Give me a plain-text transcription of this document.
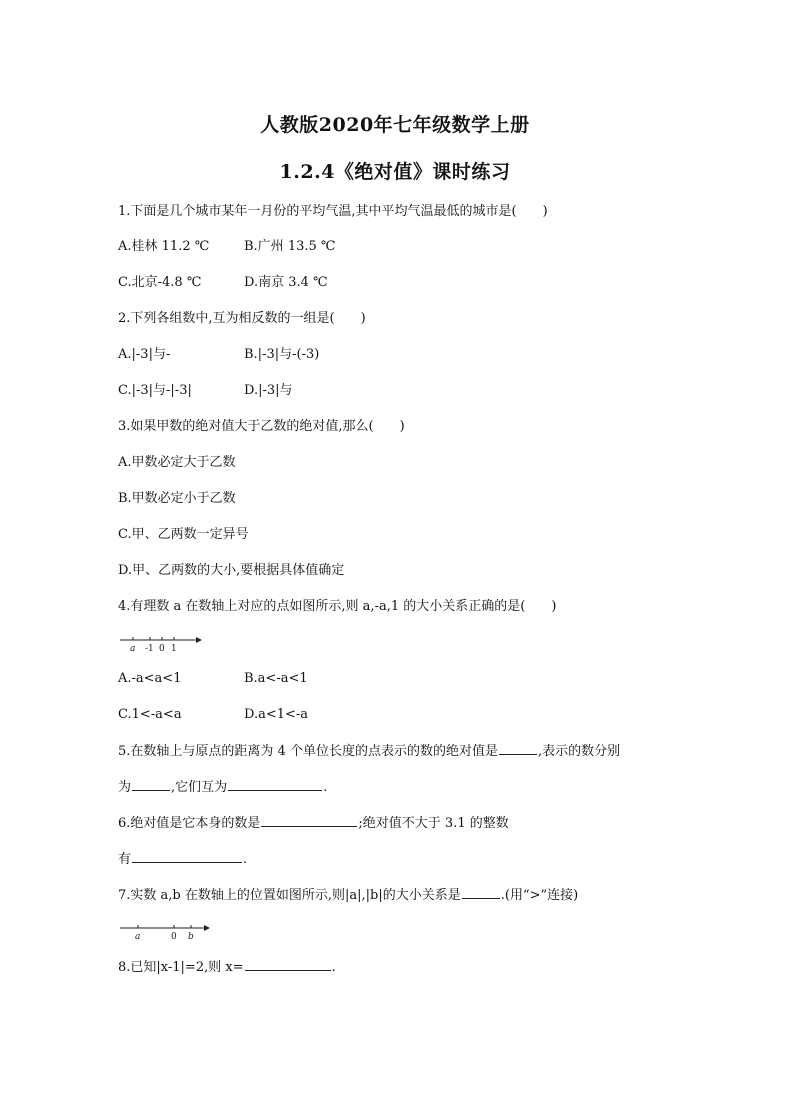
人教版2020年七年级数学上册
1.2.4《绝对值》课时练习
1.下面是几个城市某年一月份的平均气温,其中平均气温最低的城市是(　　)
A.桂林 11.2 ℃	B.广州 13.5 ℃
C.北京-4.8 ℃	D.南京 3.4 ℃
2.下列各组数中,互为相反数的一组是(　　)
A.|-3|与-	B.|-3|与-(-3)
C.|-3|与-|-3|	D.|-3|与
3.如果甲数的绝对值大于乙数的绝对值,那么(　　)
A.甲数必定大于乙数
B.甲数必定小于乙数
C.甲、乙两数一定异号
D.甲、乙两数的大小,要根据具体值确定
4.有理数 a 在数轴上对应的点如图所示,则 a,-a,1 的大小关系正确的是(　　)
a -1 0 1
A.-a<a<1	B.a<-a<1
C.1<-a<a	D.a<1<-a
5.在数轴上与原点的距离为 4 个单位长度的点表示的数的绝对值是	,表示的数分别
为	,它们互为	.
6.绝对值是它本身的数是	;绝对值不大于 3.1 的整数
有	.
7.实数 a,b 在数轴上的位置如图所示,则|a|,|b|的大小关系是	.(用“>”连接)
a	0 b
8.已知|x-1|=2,则 x=	.
